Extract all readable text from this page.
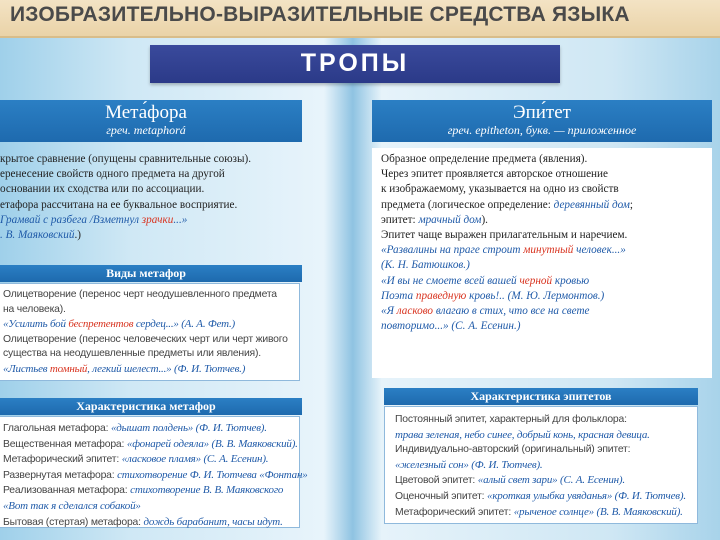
ИЗОБРАЗИТЕЛЬНО-ВЫРАЗИТЕЛЬНЫЕ СРЕДСТВА ЯЗЫКА
ТРОПЫ
Мета́фора
греч. metaphorá
крытое сравнение (опущены сравнительные союзы).
еренесение свойств одного предмета на другой
основании их сходства или по ассоциации.
етафора рассчитана на ее буквальное восприятие.
Грамвай с разбега /Взметнул зрачки...»
. В. Маяковский.)
Виды метафор
Олицетворение (перенос черт неодушевленного предмета
на человека).
«Усилить бой беспретентов сердец...» (А. А. Фет.)
Олицетворение (перенос человеческих черт или черт живого
существа на неодушевленные предметы или явления).
«Листьев томный, легкий шелест...» (Ф. И. Тютчев.)
Характеристика метафор
Глагольная метафора: «дышат полдень» (Ф. И. Тютчев).
Вещественная метафора: «фонарей одеяла» (В. В. Маяковский).
Метафорический эпитет: «ласковое пламя» (С. А. Есенин).
Развернутая метафора: стихотворение Ф. И. Тютчева «Фонтан»
Реализованная метафора: стихотворение В. В. Маяковского
«Вот так я сделался собакой»
Бытовая (стертая) метафора: дождь барабанит, часы идут.
Эпи́тет
греч. epitheton, букв. — приложенное
Образное определение предмета (явления).
Через эпитет проявляется авторское отношение
к изображаемому, указывается на одно из свойств
предмета (логическое определение: деревянный дом;
эпитет: мрачный дом).
Эпитет чаще выражен прилагательным и наречием.
«Развалины на праге строит минутный человек...»
(К. Н. Батюшков.)
«И вы не смоете всей вашей черной кровью
Поэта праведную кровь!.. (М. Ю. Лермонтов.)
«Я ласково влагаю в стих, что все на свете
повторимо...» (С. А. Есенин.)
Характеристика эпитетов
Постоянный эпитет, характерный для фольклора:
трава зеленая, небо синее, добрый конь, красная девица.
Индивидуально-авторский (оригинальный) эпитет:
«железный сон» (Ф. И. Тютчев).
Цветовой эпитет: «алый свет зари» (С. А. Есенин).
Оценочный эпитет: «кроткая улыбка увяданья» (Ф. И. Тютчев).
Метафорический эпитет: «рыченое солнце» (В. В. Маяковский).
